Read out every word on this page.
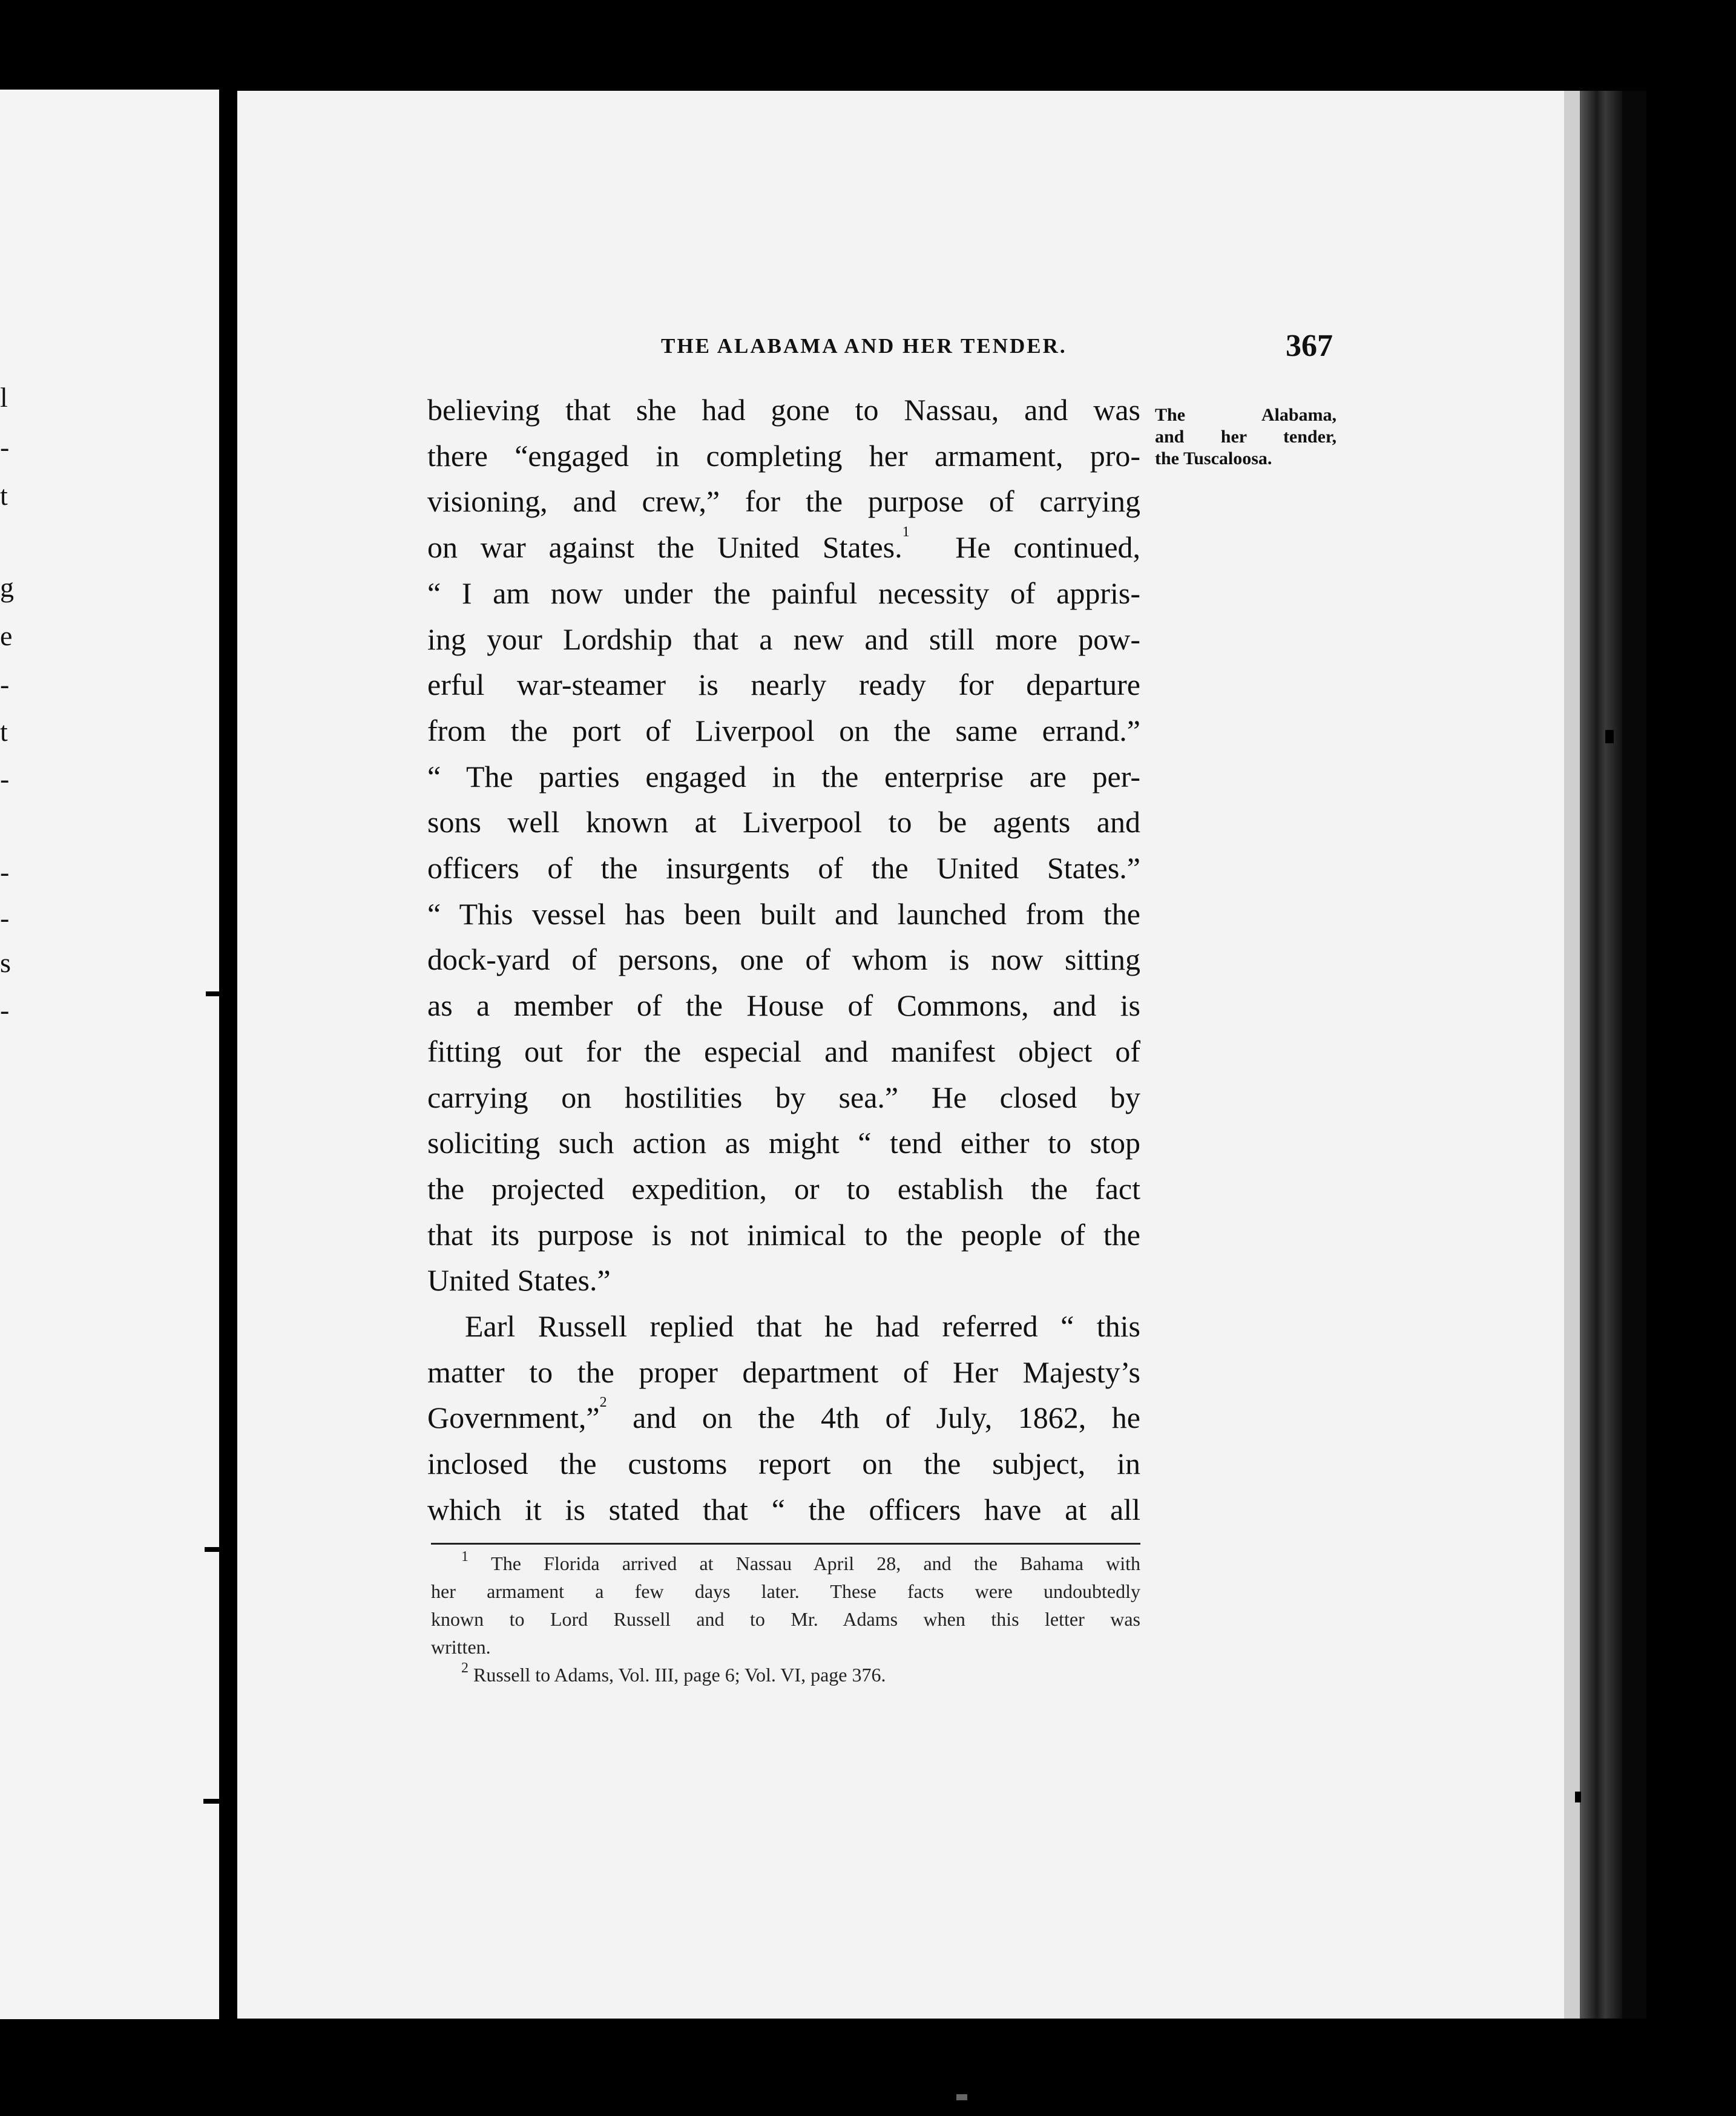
l
-
t
g
e
-
t
-
-
-
s
-
THE ALABAMA AND HER TENDER.	367
The Alabama,
and her tender,
the Tuscaloosa.
believing that she had gone to Nassau, and was
there “engaged in completing her armament, pro-
visioning, and crew,” for the purpose of carrying
on war against the United States.$^1$ He continued,
“ I am now under the painful necessity of appris-
ing your Lordship that a new and still more pow-
erful war-steamer is nearly ready for departure
from the port of Liverpool on the same errand.”
“ The parties engaged in the enterprise are per-
sons well known at Liverpool to be agents and
officers of the insurgents of the United States.”
“ This vessel has been built and launched from the
dock-yard of persons, one of whom is now sitting
as a member of the House of Commons, and is
fitting out for the especial and manifest object of
carrying on hostilities by sea.” He closed by
soliciting such action as might “ tend either to stop
the projected expedition, or to establish the fact
that its purpose is not inimical to the people of the
United States.”
Earl Russell replied that he had referred “ this
matter to the proper department of Her Majesty’s
Government,”$^2$ and on the 4th of July, 1862, he
inclosed the customs report on the subject, in
which it is stated that “ the officers have at all
$^1$ The Florida arrived at Nassau April 28, and the Bahama with
her armament a few days later. These facts were undoubtedly
known to Lord Russell and to Mr. Adams when this letter was
written.
$^2$ Russell to Adams, Vol. III, page 6; Vol. VI, page 376.
